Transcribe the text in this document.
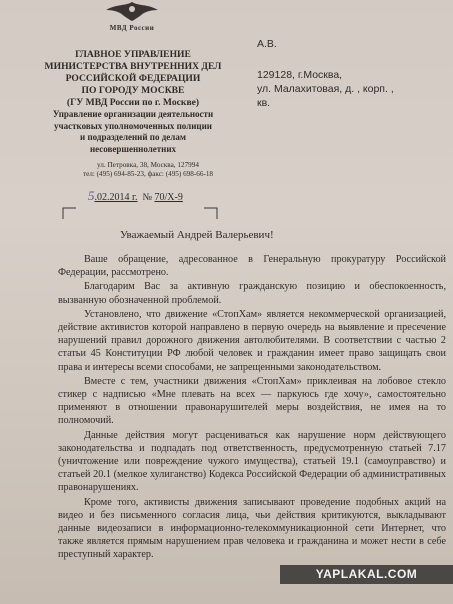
МВД России
ГЛАВНОЕ УПРАВЛЕНИЕ
МИНИСТЕРСТВА ВНУТРЕННИХ ДЕЛ
РОССИЙСКОЙ ФЕДЕРАЦИИ
ПО ГОРОДУ МОСКВЕ
(ГУ МВД России по г. Москве)
Управление организации деятельности
участковых уполномоченных полиции
и подразделений по делам
несовершеннолетних
ул. Петровка, 38, Москва, 127994
тел: (495) 694-85-23, факс: (495) 698-66-18
5.02.2014 г. № 70/Х-9
А.В.
129128, г.Москва,
ул. Малахитовая, д. , корп. ,
кв.
Уважаемый Андрей Валерьевич!

Ваше обращение, адресованное в Генеральную прокуратуру Российской Федерации, рассмотрено.

Благодарим Вас за активную гражданскую позицию и обеспокоенность, вызванную обозначенной проблемой.

Установлено, что движение «СтопХам» является некоммерческой организацией, действие активистов которой направлено в первую очередь на выявление и пресечение нарушений правил дорожного движения автолюбителями. В соответствии с частью 2 статьи 45 Конституции РФ любой человек и гражданин имеет право защищать свои права и интересы всеми способами, не запрещенными законодательством.

Вместе с тем, участники движения «СтопХам» приклеивая на лобовое стекло стикер с надписью «Мне плевать на всех — паркуюсь где хочу», самостоятельно применяют в отношении правонарушителей меры воздействия, не имея на то полномочий.

Данные действия могут расцениваться как нарушение норм действующего законодательства и подпадать под ответственность, предусмотренную статьей 7.17 (уничтожение или повреждение чужого имущества), статьей 19.1 (самоуправство) и статьей 20.1 (мелкое хулиганство) Кодекса Российской Федерации об административных правонарушениях.

Кроме того, активисты движения записывают проведение подобных акций на видео и без письменного согласия лица, чьи действия критикуются, выкладывают данные видеозаписи в информационно-телекоммуникационной сети Интернет, что также является прямым нарушением прав человека и гражданина и может нести в себе преступный характер.

YAPLAKAL.COM
